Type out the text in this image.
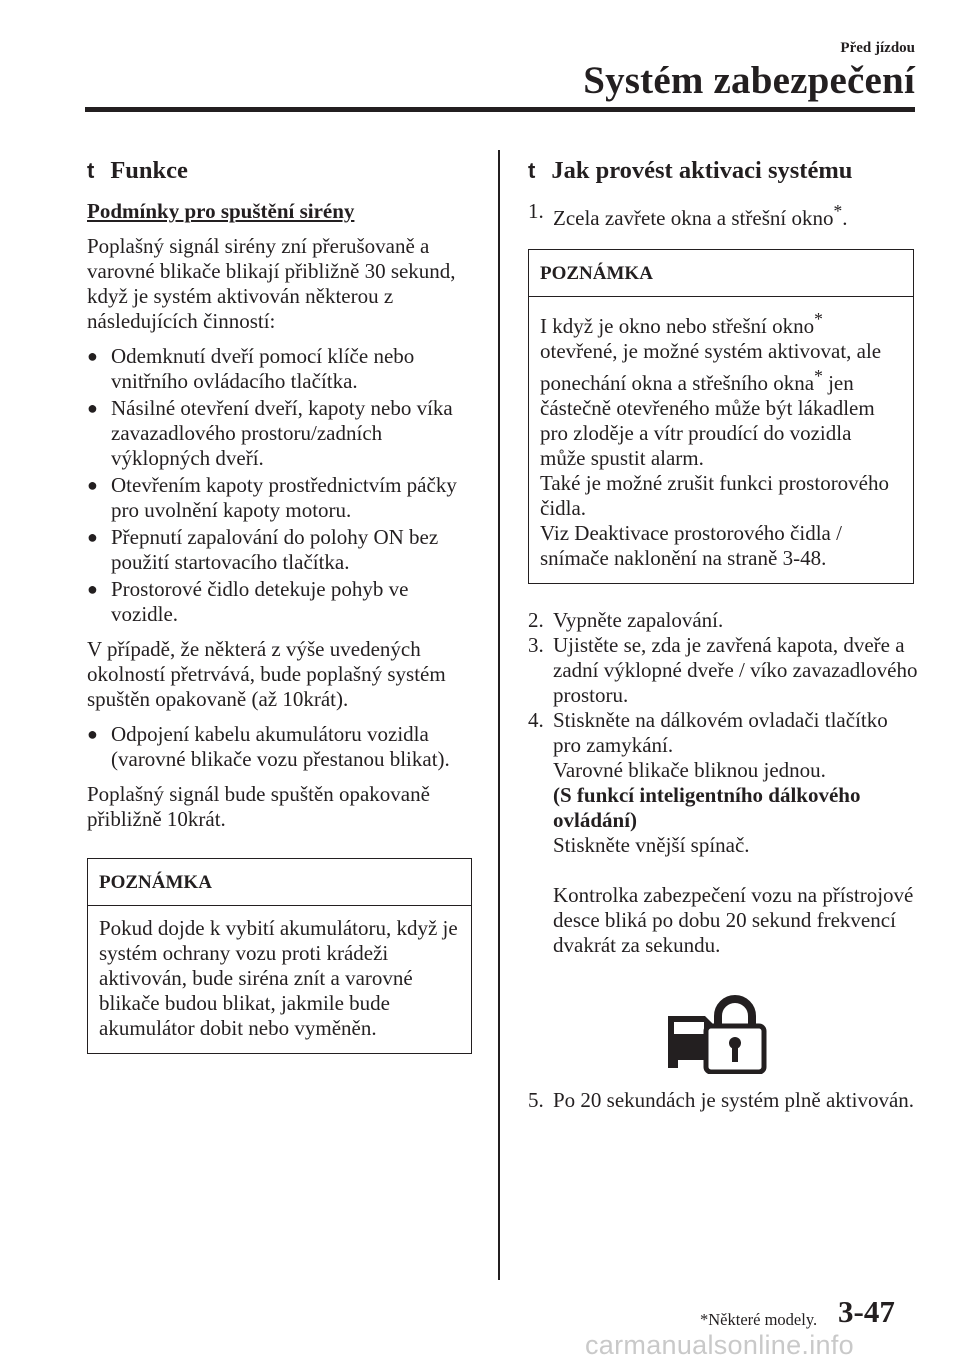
Před jízdou
Systém zabezpečení
t Funkce
Podmínky pro spuštění sirény

Poplašný signál sirény zní přerušovaně a varovné blikače blikají přibližně 30 sekund, když je systém aktivován některou z následujících činností:

● Odemknutí dveří pomocí klíče nebo vnitřního ovládacího tlačítka.
● Násilné otevření dveří, kapoty nebo víka zavazadlového prostoru/zadních výklopných dveří.
● Otevřením kapoty prostřednictvím páčky pro uvolnění kapoty motoru.
● Přepnutí zapalování do polohy ON bez použití startovacího tlačítka.
● Prostorové čidlo detekuje pohyb ve vozidle.

V případě, že některá z výše uvedených okolností přetrvává, bude poplašný systém spuštěn opakovaně (až 10krát).

● Odpojení kabelu akumulátoru vozidla (varovné blikače vozu přestanou blikat).

Poplašný signál bude spuštěn opakovaně přibližně 10krát.

POZNÁMKA
Pokud dojde k vybití akumulátoru, když je systém ochrany vozu proti krádeži aktivován, bude siréna znít a varovné blikače budou blikat, jakmile bude akumulátor dobit nebo vyměněn.
t Jak provést aktivaci systému
1. Zcela zavřete okna a střešní okno*.
POZNÁMKA
I když je okno nebo střešní okno* otevřené, je možné systém aktivovat, ale ponechání okna a střešního okna* jen částečně otevřeného může být lákadlem pro zloděje a vítr proudící do vozidla může spustit alarm.
Také je možné zrušit funkci prostorového čidla.
Viz Deaktivace prostorového čidla / snímače naklonění na straně 3-48.
2. Vypněte zapalování.
3. Ujistěte se, zda je zavřená kapota, dveře a zadní výklopné dveře / víko zavazadlového prostoru.
4. Stiskněte na dálkovém ovladači tlačítko pro zamykání.
Varovné blikače bliknou jednou.
(S funkcí inteligentního dálkového ovládání)
Stiskněte vnější spínač.
Kontrolka zabezpečení vozu na přístrojové desce bliká po dobu 20 sekund frekvencí dvakrát za sekundu.
5. Po 20 sekundách je systém plně aktivován.
*Některé modely. 3-47
carmanualsonline.info
